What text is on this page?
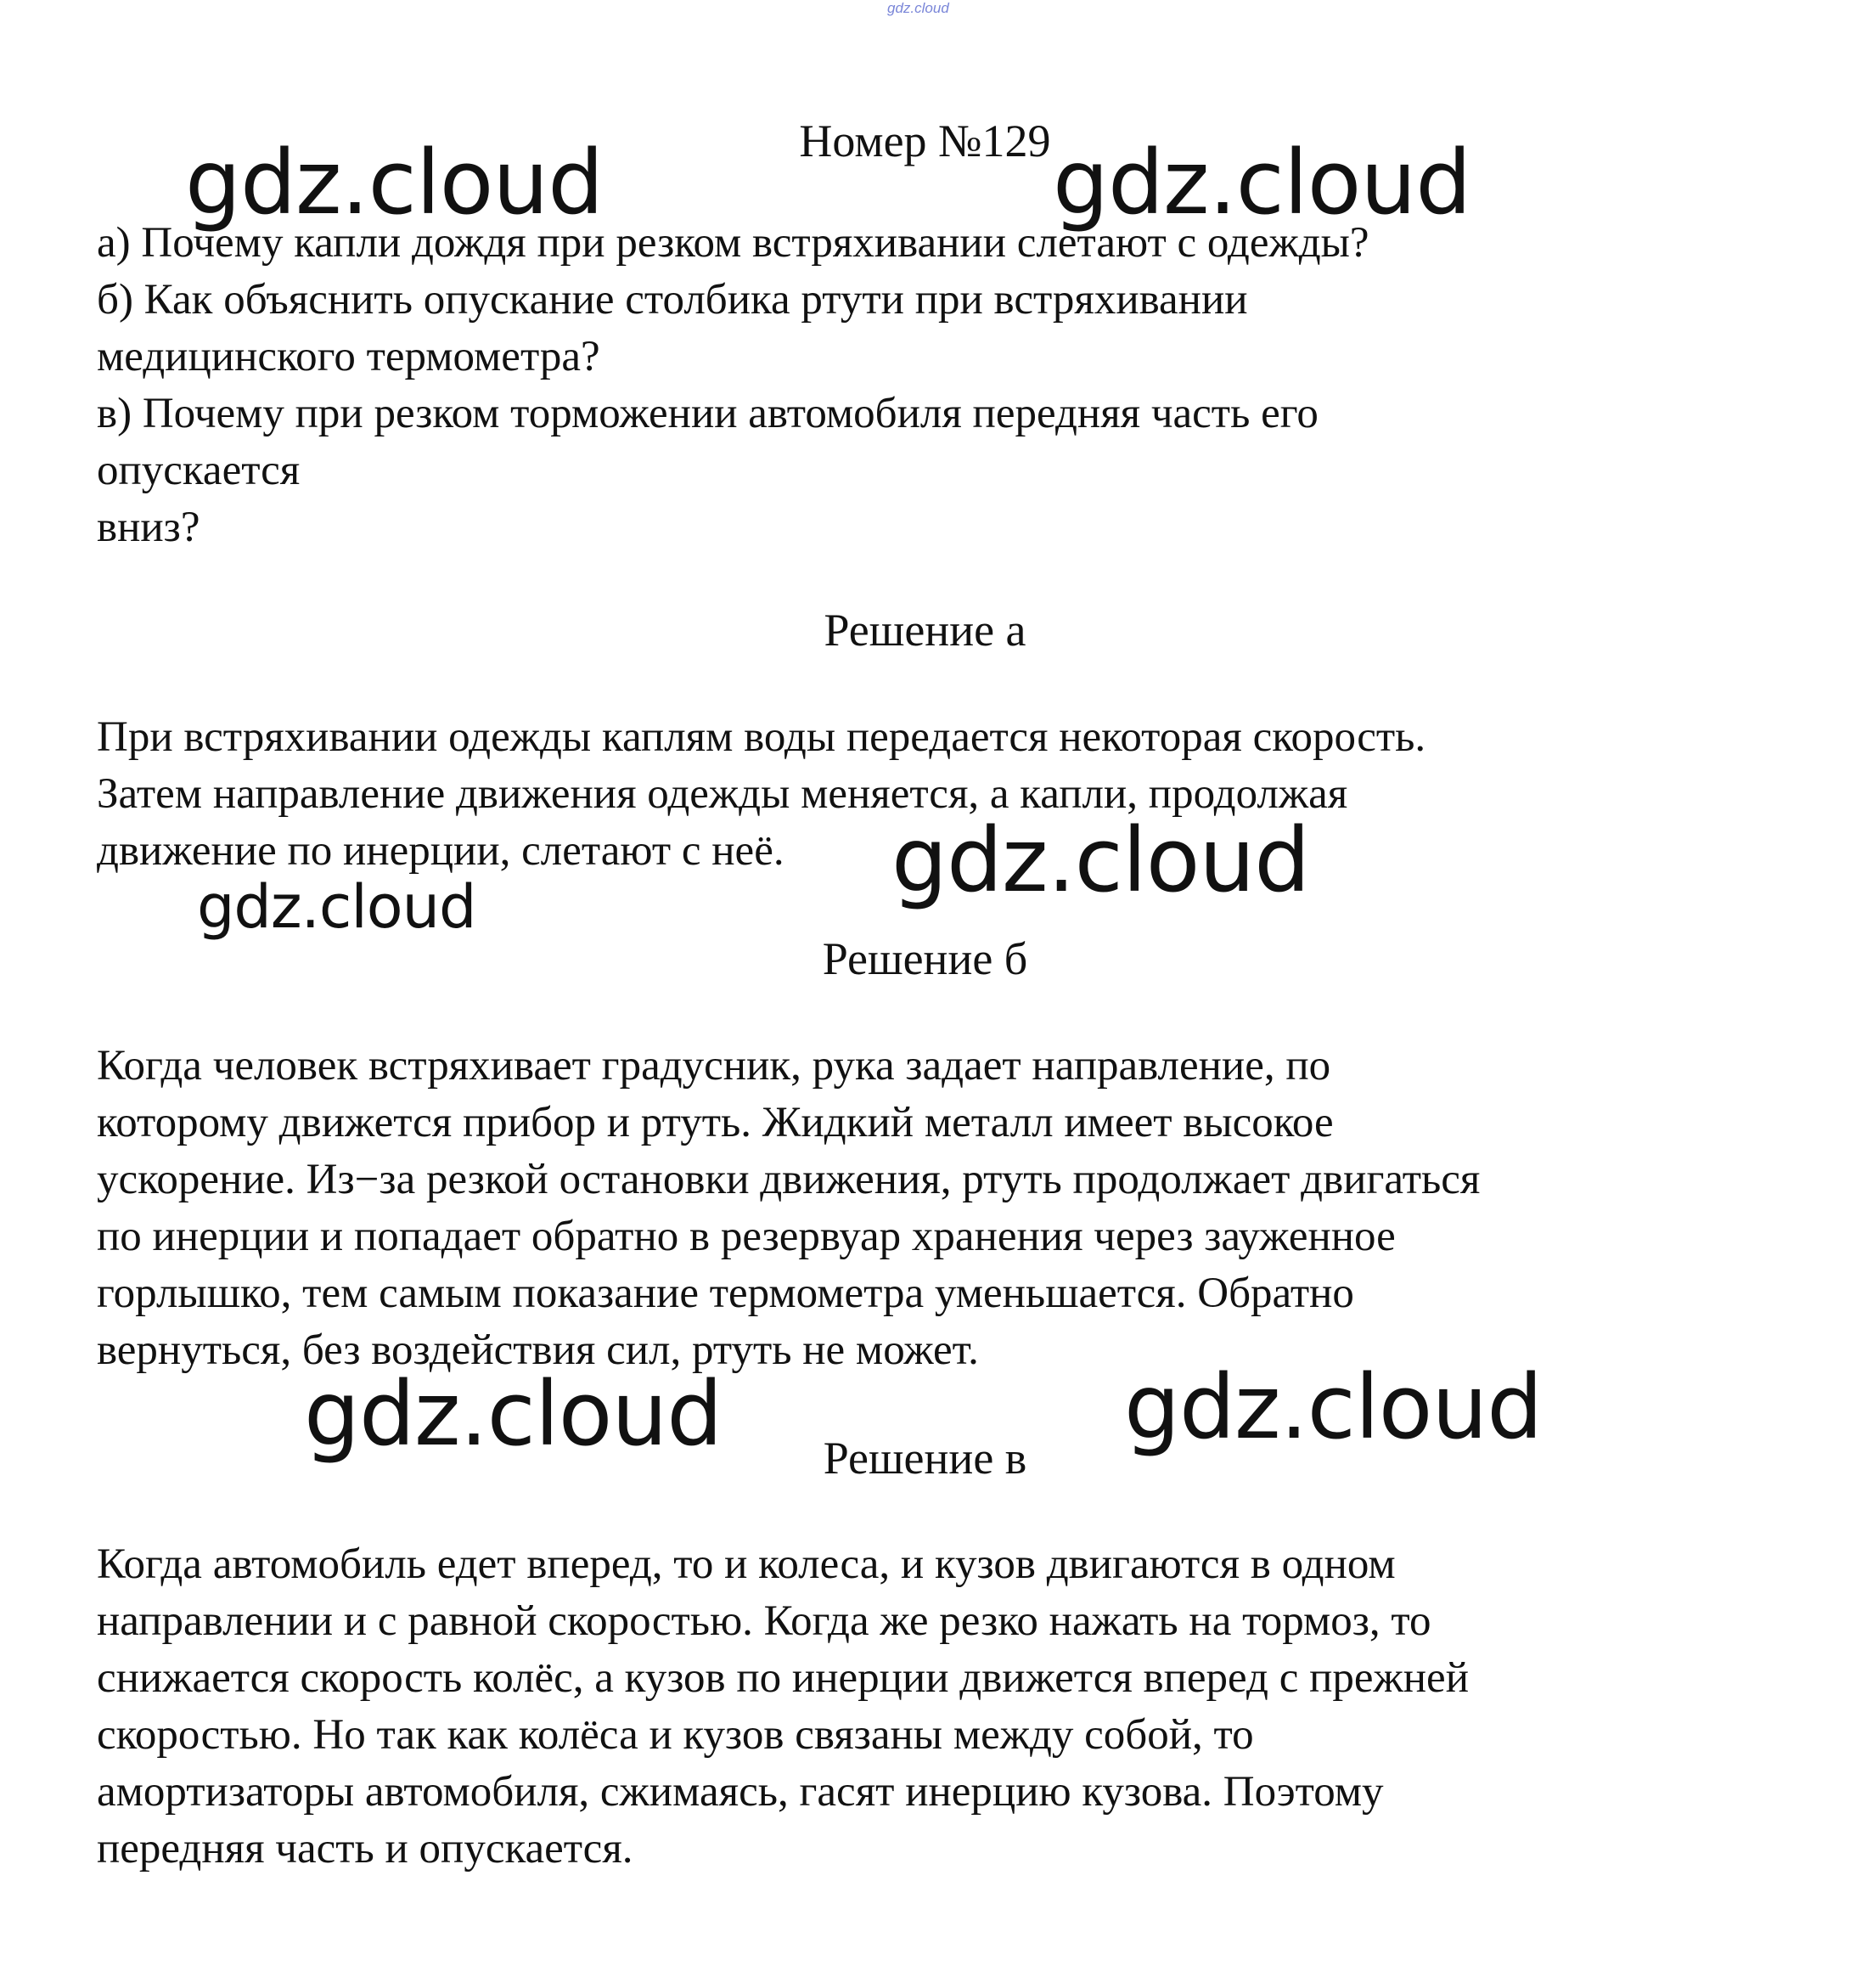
gdz.cloud
Номер №129
а) Почему капли дождя при резком встряхивании слетают с одежды?
б) Как объяснить опускание столбика ртути при встряхивании
медицинского термометра?
в) Почему при резком торможении автомобиля передняя часть его
опускается
вниз?
Решение а
При встряхивании одежды каплям воды передается некоторая скорость.
Затем направление движения одежды меняется, а капли, продолжая
движение по инерции, слетают с неё.
Решение б
Когда человек встряхивает градусник, рука задает направление, по
которому движется прибор и ртуть. Жидкий металл имеет высокое
ускорение. Из−за резкой остановки движения, ртуть продолжает двигаться
по инерции и попадает обратно в резервуар хранения через зауженное
горлышко, тем самым показание термометра уменьшается. Обратно
вернуться, без воздействия сил, ртуть не может.
Решение в
Когда автомобиль едет вперед, то и колеса, и кузов двигаются в одном
направлении и с равной скоростью. Когда же резко нажать на тормоз, то
снижается скорость колёс, а кузов по инерции движется вперед с прежней
скоростью. Но так как колёса и кузов связаны между собой, то
амортизаторы автомобиля, сжимаясь, гасят инерцию кузова. Поэтому
передняя часть и опускается.
gdz.cloud	gdz.cloud
gdz.cloud
gdz.cloud
gdz.cloud	gdz.cloud
